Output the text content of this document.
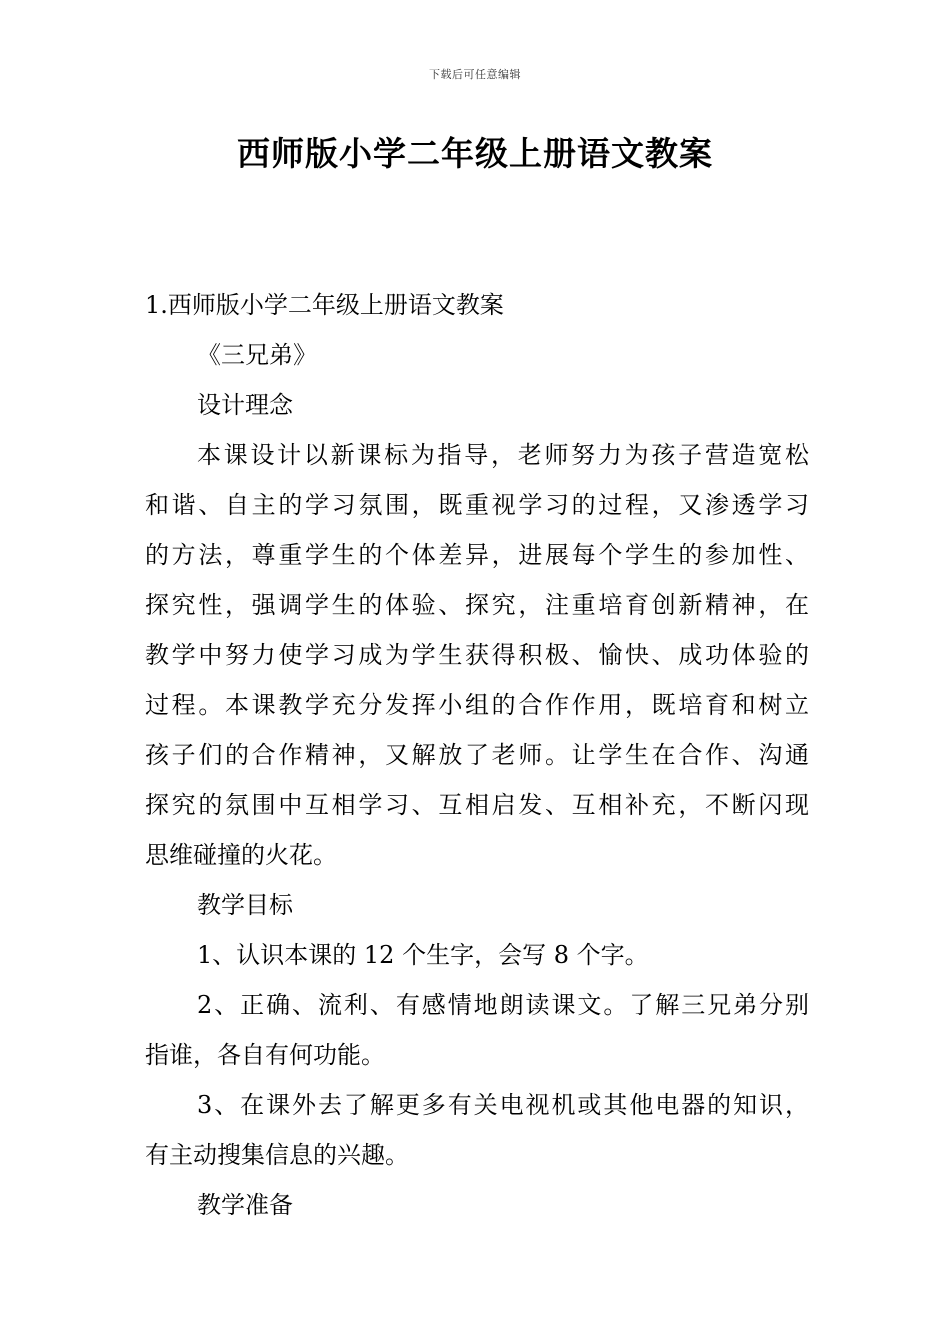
下载后可任意编辑
西师版小学二年级上册语文教案
1.西师版小学二年级上册语文教案
《三兄弟》
设计理念
本课设计以新课标为指导，老师努力为孩子营造宽松
和谐、自主的学习氛围，既重视学习的过程，又渗透学习
的方法，尊重学生的个体差异，进展每个学生的参加性、
探究性，强调学生的体验、探究，注重培育创新精神，在
教学中努力使学习成为学生获得积极、愉快、成功体验的
过程。本课教学充分发挥小组的合作作用，既培育和树立
孩子们的合作精神，又解放了老师。让学生在合作、沟通
探究的氛围中互相学习、互相启发、互相补充，不断闪现
思维碰撞的火花。
教学目标
1、认识本课的 12 个生字，会写 8 个字。
2、正确、流利、有感情地朗读课文。了解三兄弟分别
指谁，各自有何功能。
3、在课外去了解更多有关电视机或其他电器的知识，
有主动搜集信息的兴趣。
教学准备
